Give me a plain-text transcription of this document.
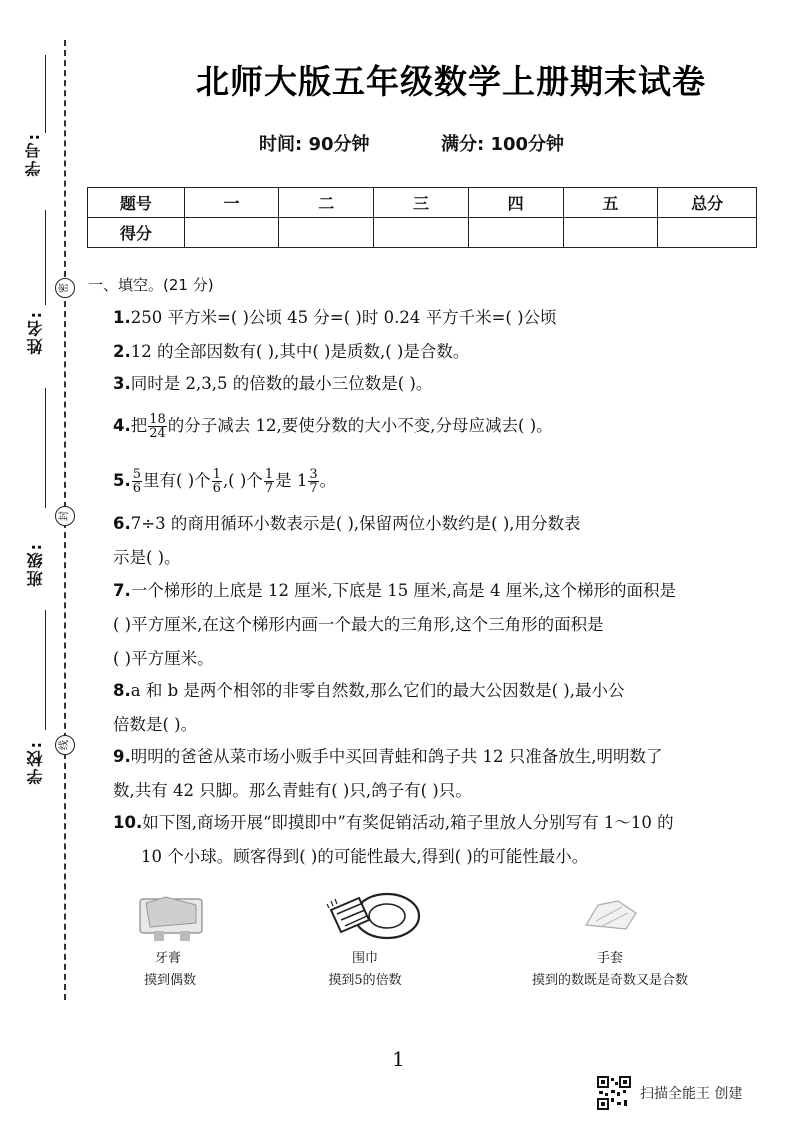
学号:
密
姓名:
封
班级:
线
学校:
北师大版五年级数学上册期末试卷
时间: 90分钟	满分: 100分钟
题号	一	二	三	四	五	总分
得分						
一、填空。(21 分)
1.250 平方米=( )公顷 45 分=( )时 0.24 平方千米=( )公顷
2.12 的全部因数有( ),其中( )是质数,( )是合数。
3.同时是 2,3,5 的倍数的最小三位数是( )。
4.把 $\frac{18}{24}$ 的分子减去 12,要使分数的大小不变,分母应减去( )。
5. $\frac{5}{6}$ 里有( )个 $\frac{1}{6}$ ,( )个 $\frac{1}{7}$ 是 $1 \frac{3}{7}$ 。
6.7÷3 的商用循环小数表示是( ),保留两位小数约是( ),用分数表
示是( )。
7.一个梯形的上底是 12 厘米,下底是 15 厘米,高是 4 厘米,这个梯形的面积是
( )平方厘米,在这个梯形内画一个最大的三角形,这个三角形的面积是
( )平方厘米。
8.a 和 b 是两个相邻的非零自然数,那么它们的最大公因数是( ),最小公
倍数是( )。
9.明明的爸爸从菜市场小贩手中买回青蛙和鸽子共 12 只准备放生,明明数了
数,共有 42 只脚。那么青蛙有( )只,鸽子有( )只。
10.如下图,商场开展“即摸即中”有奖促销活动,箱子里放人分别写有 1～10 的
10 个小球。顾客得到( )的可能性最大,得到( )的可能性最小。
牙膏
摸到偶数
围巾
摸到5的倍数
手套
摸到的数既是奇数又是合数
1
扫描全能王 创建
